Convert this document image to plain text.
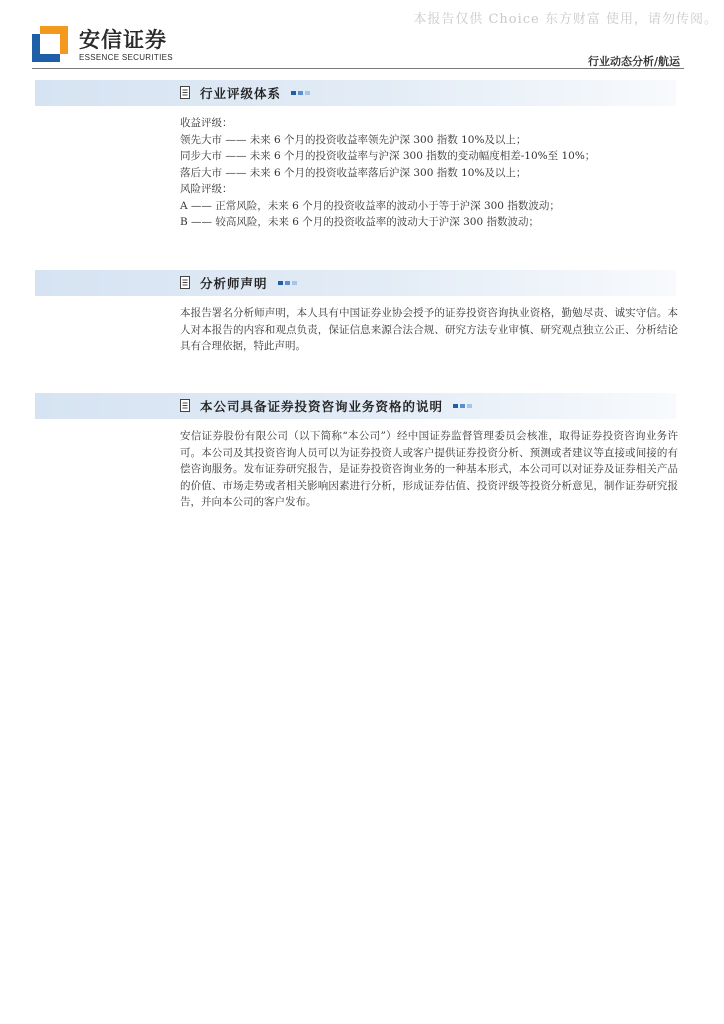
本报告仅供 Choice 东方财富 使用，请勿传阅。
安信证券
ESSENCE SECURITIES	行业动态分析/航运
行业评级体系
收益评级：
领先大市 —— 未来 6 个月的投资收益率领先沪深 300 指数 10%及以上；
同步大市 —— 未来 6 个月的投资收益率与沪深 300 指数的变动幅度相差-10%至 10%；
落后大市 —— 未来 6 个月的投资收益率落后沪深 300 指数 10%及以上；
风险评级：
A —— 正常风险，未来 6 个月的投资收益率的波动小于等于沪深 300 指数波动；
B —— 较高风险，未来 6 个月的投资收益率的波动大于沪深 300 指数波动；
分析师声明

本报告署名分析师声明，本人具有中国证券业协会授予的证券投资咨询执业资格，勤勉尽责、诚实守信。本人对本报告的内容和观点负责，保证信息来源合法合规、研究方法专业审慎、研究观点独立公正、分析结论具有合理依据，特此声明。

本公司具备证券投资咨询业务资格的说明

安信证券股份有限公司（以下简称“本公司”）经中国证券监督管理委员会核准，取得证券投资咨询业务许可。本公司及其投资咨询人员可以为证券投资人或客户提供证券投资分析、预测或者建议等直接或间接的有偿咨询服务。发布证券研究报告，是证券投资咨询业务的一种基本形式，本公司可以对证券及证券相关产品的价值、市场走势或者相关影响因素进行分析，形成证券估值、投资评级等投资分析意见，制作证券研究报告，并向本公司的客户发布。
